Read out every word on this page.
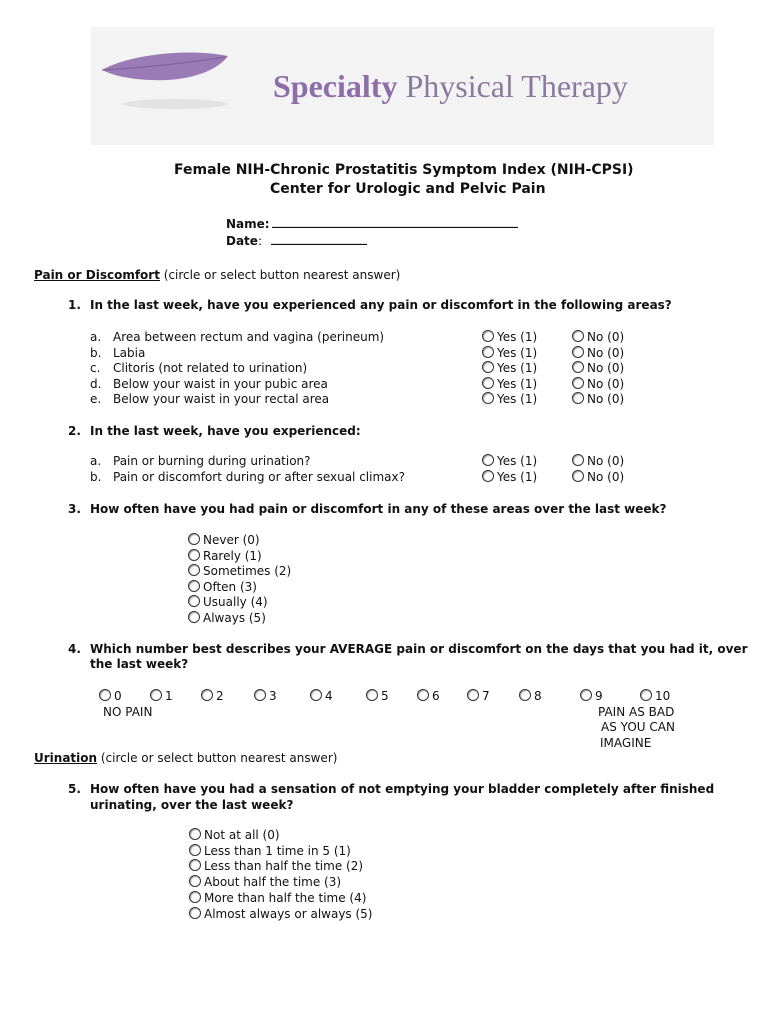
Specialty Physical Therapy
Female NIH-Chronic Prostatitis Symptom Index (NIH-CPSI)
Center for Urologic and Pelvic Pain
Name: _________________________________________
Date: ________________
Pain or Discomfort (circle or select button nearest answer)
1. In the last week, have you experienced any pain or discomfort in the following areas?
a. Area between rectum and vagina (perineum)	Yes (1)	No (0)
b. Labia	Yes (1)	No (0)
c. Clitoris (not related to urination)	Yes (1)	No (0)
d. Below your waist in your pubic area	Yes (1)	No (0)
e. Below your waist in your rectal area	Yes (1)	No (0)
2. In the last week, have you experienced:
a. Pain or burning during urination?	Yes (1)	No (0)
b. Pain or discomfort during or after sexual climax?	Yes (1)	No (0)
3. How often have you had pain or discomfort in any of these areas over the last week?
Never (0)
Rarely (1)
Sometimes (2)
Often (3)
Usually (4)
Always (5)
4. Which number best describes your AVERAGE pain or discomfort on the days that you had it, over
the last week?
0	1	2	3	4	5	6	7	8	9	10
NO PAIN	PAIN AS BAD
AS YOU CAN
IMAGINE
Urination (circle or select button nearest answer)
5. How often have you had a sensation of not emptying your bladder completely after finished
urinating, over the last week?
Not at all (0)
Less than 1 time in 5 (1)
Less than half the time (2)
About half the time (3)
More than half the time (4)
Almost always or always (5)
